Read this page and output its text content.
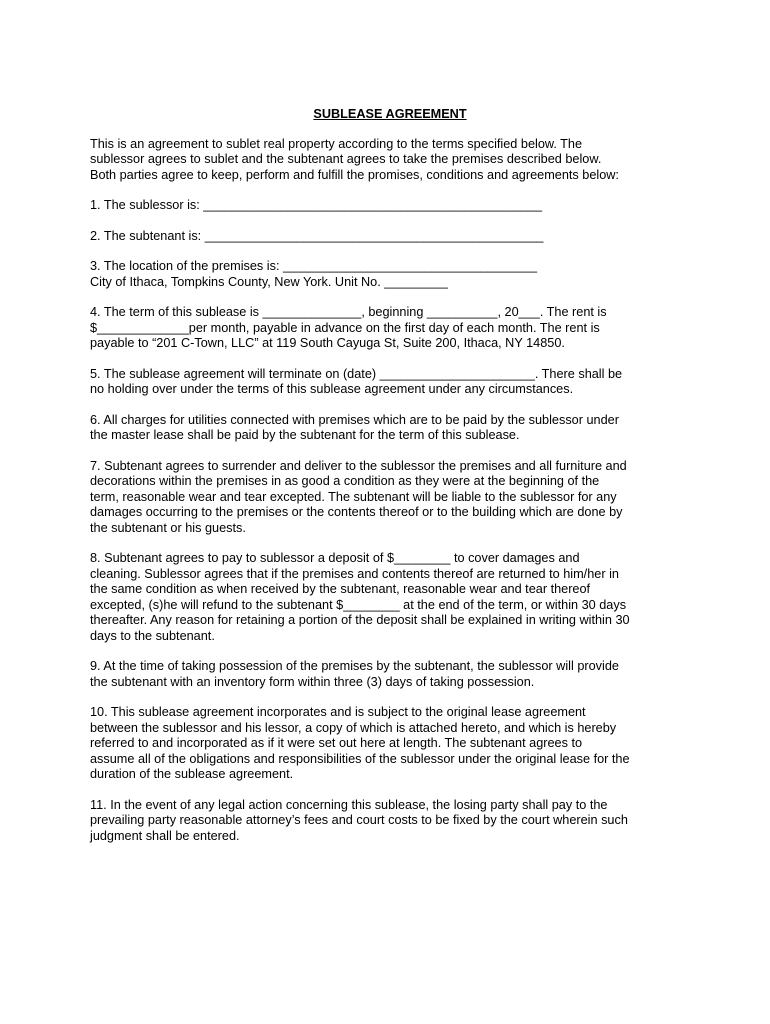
SUBLEASE AGREEMENT
This is an agreement to sublet real property according to the terms specified below. The
sublessor agrees to sublet and the subtenant agrees to take the premises described below.
Both parties agree to keep, perform and fulfill the promises, conditions and agreements below:
1. The sublessor is: ________________________________________________
2. The subtenant is: ________________________________________________
3. The location of the premises is: ____________________________________
City of Ithaca, Tompkins County, New York. Unit No. _________
4. The term of this sublease is ______________, beginning __________, 20___. The rent is
$_____________per month, payable in advance on the first day of each month. The rent is
payable to “201 C-Town, LLC” at 119 South Cayuga St, Suite 200, Ithaca, NY 14850.
5. The sublease agreement will terminate on (date) ______________________. There shall be
no holding over under the terms of this sublease agreement under any circumstances.
6. All charges for utilities connected with premises which are to be paid by the sublessor under
the master lease shall be paid by the subtenant for the term of this sublease.
7. Subtenant agrees to surrender and deliver to the sublessor the premises and all furniture and
decorations within the premises in as good a condition as they were at the beginning of the
term, reasonable wear and tear excepted. The subtenant will be liable to the sublessor for any
damages occurring to the premises or the contents thereof or to the building which are done by
the subtenant or his guests.
8. Subtenant agrees to pay to sublessor a deposit of $________ to cover damages and
cleaning. Sublessor agrees that if the premises and contents thereof are returned to him/her in
the same condition as when received by the subtenant, reasonable wear and tear thereof
excepted, (s)he will refund to the subtenant $________ at the end of the term, or within 30 days
thereafter. Any reason for retaining a portion of the deposit shall be explained in writing within 30
days to the subtenant.
9. At the time of taking possession of the premises by the subtenant, the sublessor will provide
the subtenant with an inventory form within three (3) days of taking possession.
10. This sublease agreement incorporates and is subject to the original lease agreement
between the sublessor and his lessor, a copy of which is attached hereto, and which is hereby
referred to and incorporated as if it were set out here at length. The subtenant agrees to
assume all of the obligations and responsibilities of the sublessor under the original lease for the
duration of the sublease agreement.
11. In the event of any legal action concerning this sublease, the losing party shall pay to the
prevailing party reasonable attorney’s fees and court costs to be fixed by the court wherein such
judgment shall be entered.
